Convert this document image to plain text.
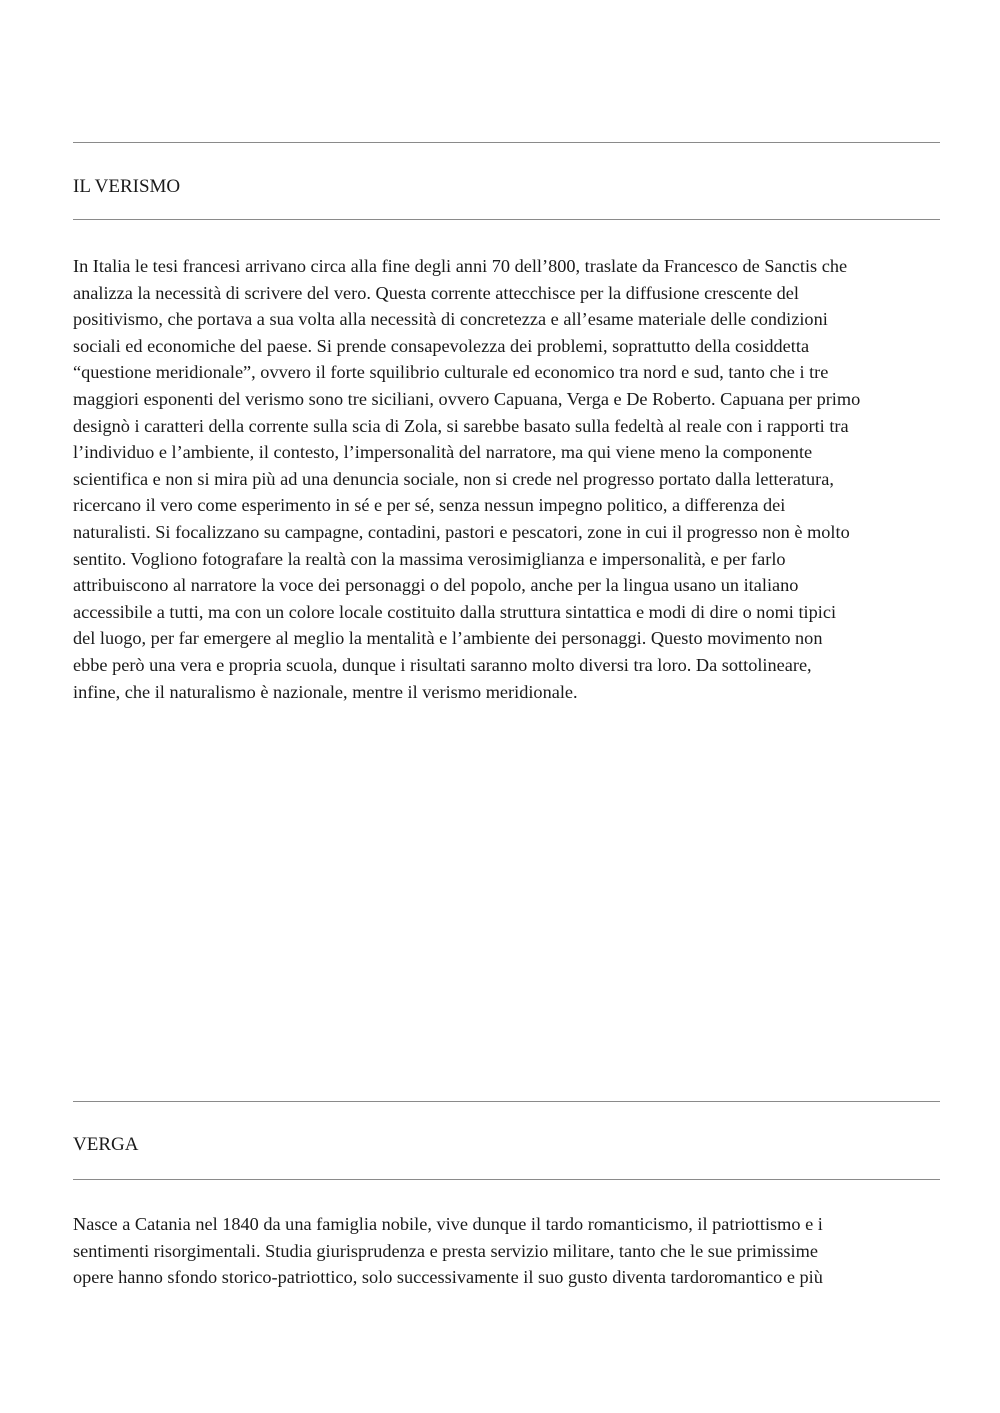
IL VERISMO
In Italia le tesi francesi arrivano circa alla fine degli anni 70 dell’800, traslate da Francesco de Sanctis che
analizza la necessità di scrivere del vero. Questa corrente attecchisce per la diffusione crescente del
positivismo, che portava a sua volta alla necessità di concretezza e all’esame materiale delle condizioni
sociali ed economiche del paese. Si prende consapevolezza dei problemi, soprattutto della cosiddetta
“questione meridionale”, ovvero il forte squilibrio culturale ed economico tra nord e sud, tanto che i tre
maggiori esponenti del verismo sono tre siciliani, ovvero Capuana, Verga e De Roberto. Capuana per primo
designò i caratteri della corrente sulla scia di Zola, si sarebbe basato sulla fedeltà al reale con i rapporti tra
l’individuo e l’ambiente, il contesto, l’impersonalità del narratore, ma qui viene meno la componente
scientifica e non si mira più ad una denuncia sociale, non si crede nel progresso portato dalla letteratura,
ricercano il vero come esperimento in sé e per sé, senza nessun impegno politico, a differenza dei
naturalisti. Si focalizzano su campagne, contadini, pastori e pescatori, zone in cui il progresso non è molto
sentito. Vogliono fotografare la realtà con la massima verosimiglianza e impersonalità, e per farlo
attribuiscono al narratore la voce dei personaggi o del popolo, anche per la lingua usano un italiano
accessibile a tutti, ma con un colore locale costituito dalla struttura sintattica e modi di dire o nomi tipici
del luogo, per far emergere al meglio la mentalità e l’ambiente dei personaggi. Questo movimento non
ebbe però una vera e propria scuola, dunque i risultati saranno molto diversi tra loro. Da sottolineare,
infine, che il naturalismo è nazionale, mentre il verismo meridionale.
VERGA
Nasce a Catania nel 1840 da una famiglia nobile, vive dunque il tardo romanticismo, il patriottismo e i
sentimenti risorgimentali. Studia giurisprudenza e presta servizio militare, tanto che le sue primissime
opere hanno sfondo storico-patriottico, solo successivamente il suo gusto diventa tardoromantico e più
